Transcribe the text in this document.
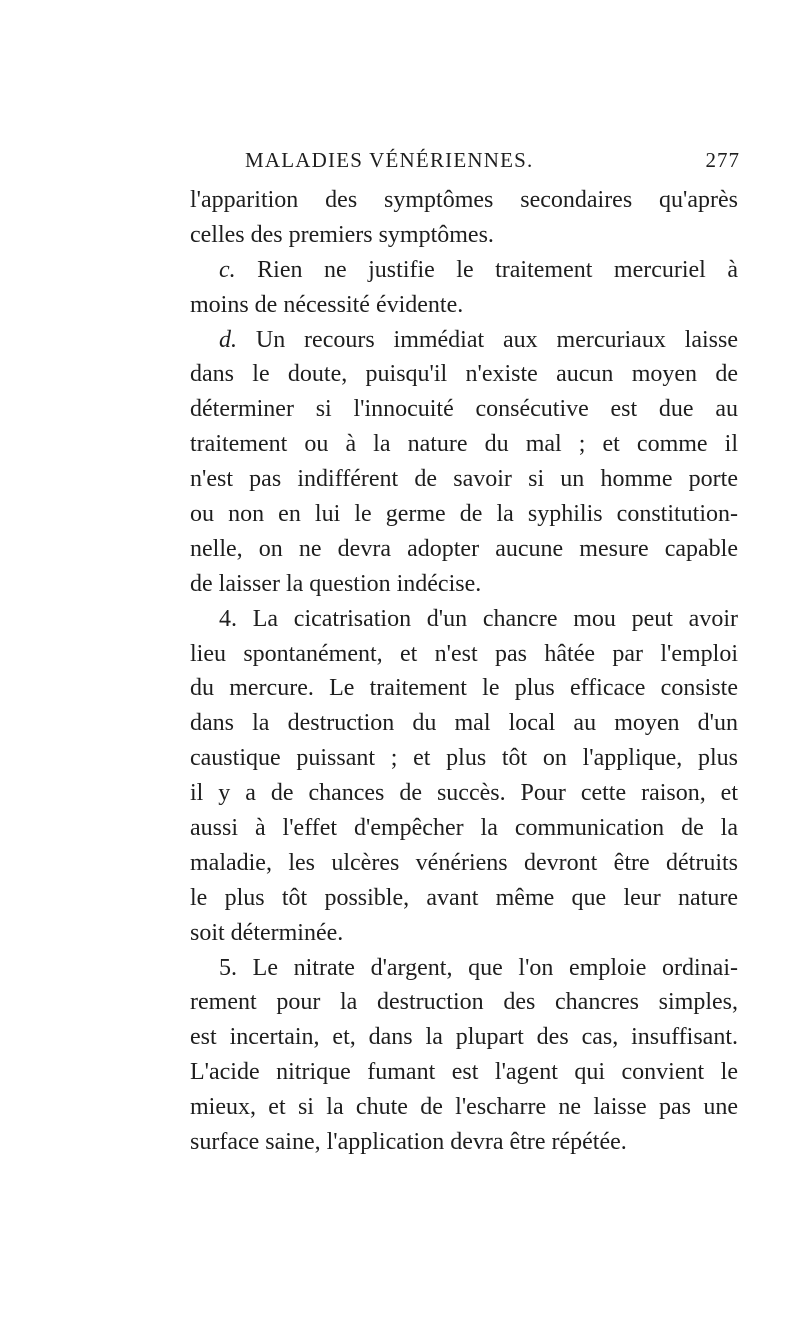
MALADIES VÉNÉRIENNES.	277
l'apparition des symptômes secondaires qu'après
celles des premiers symptômes.
c. Rien ne justifie le traitement mercuriel à
moins de nécessité évidente.
d. Un recours immédiat aux mercuriaux laisse
dans le doute, puisqu'il n'existe aucun moyen de
déterminer si l'innocuité consécutive est due au
traitement ou à la nature du mal ; et comme il
n'est pas indifférent de savoir si un homme porte
ou non en lui le germe de la syphilis constitution-
nelle, on ne devra adopter aucune mesure capable
de laisser la question indécise.
4. La cicatrisation d'un chancre mou peut avoir
lieu spontanément, et n'est pas hâtée par l'emploi
du mercure. Le traitement le plus efficace consiste
dans la destruction du mal local au moyen d'un
caustique puissant ; et plus tôt on l'applique, plus
il y a de chances de succès. Pour cette raison, et
aussi à l'effet d'empêcher la communication de la
maladie, les ulcères vénériens devront être détruits
le plus tôt possible, avant même que leur nature
soit déterminée.
5. Le nitrate d'argent, que l'on emploie ordinai-
rement pour la destruction des chancres simples,
est incertain, et, dans la plupart des cas, insuffisant.
L'acide nitrique fumant est l'agent qui convient le
mieux, et si la chute de l'escharre ne laisse pas une
surface saine, l'application devra être répétée.
